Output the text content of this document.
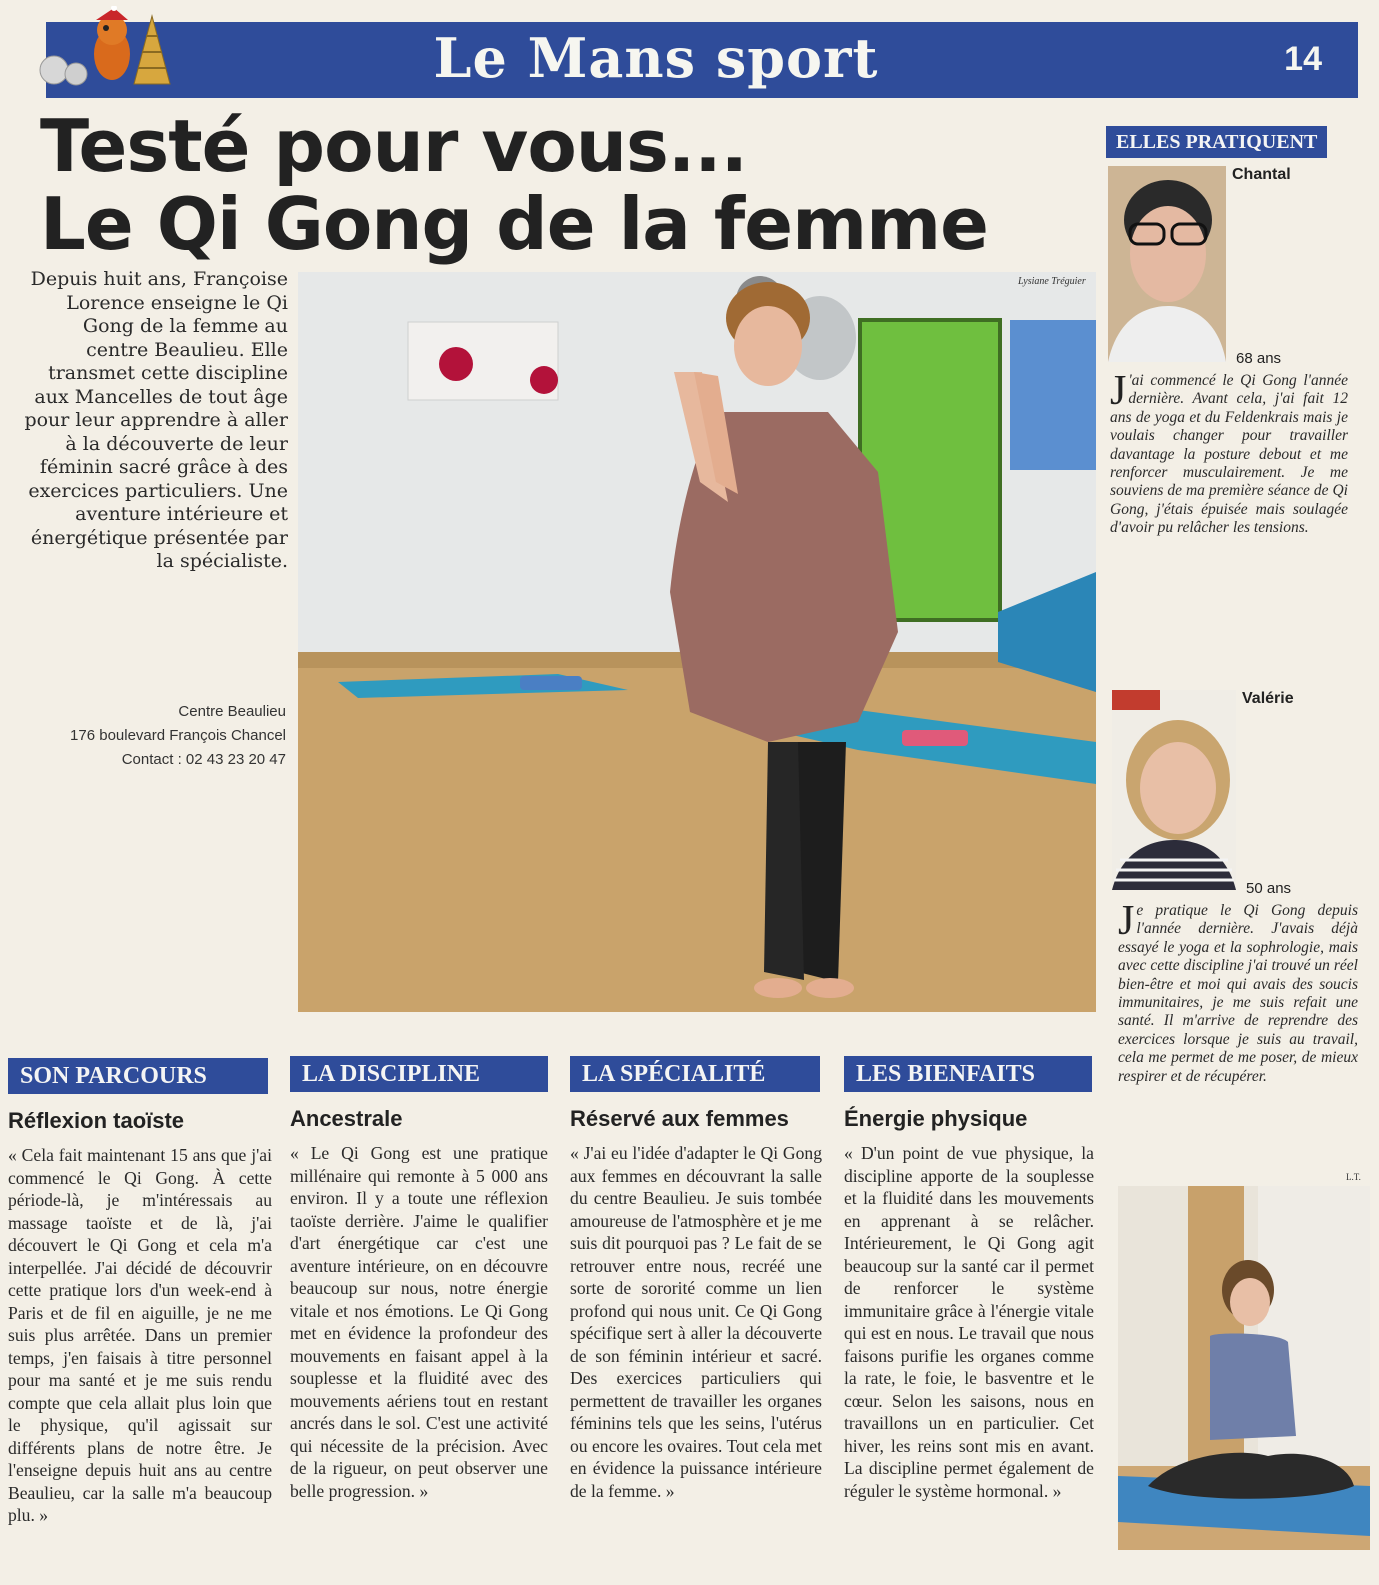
Le Mans sport	14
Testé pour vous...
Le Qi Gong de la femme
Depuis huit ans, Françoise Lorence enseigne le Qi Gong de la femme au centre Beaulieu. Elle transmet cette discipline aux Mancelles de tout âge pour leur apprendre à aller à la découverte de leur féminin sacré grâce à des exercices particuliers. Une aventure intérieure et énergétique présentée par la spécialiste.
Centre Beaulieu
176 boulevard François Chancel
Contact : 02 43 23 20 47
Lysiane Tréguier
ELLES PRATIQUENT
Chantal
68 ans
J 'ai commencé le Qi Gong l'année dernière. Avant cela, j'ai fait 12 ans de yoga et du Feldenkrais mais je voulais changer pour travailler davantage la posture debout et me renforcer musculairement. Je me souviens de ma première séance de Qi Gong, j'étais épuisée mais soulagée d'avoir pu relâcher les tensions.
Valérie
50 ans
Je pratique le Qi Gong depuis l'année dernière. J'avais déjà essayé le yoga et la sophrologie, mais avec cette discipline j'ai trouvé un réel bien-être et moi qui avais des soucis immunitaires, je me suis refait une santé. Il m'arrive de reprendre des exercices lorsque je suis au travail, cela me permet de me poser, de mieux respirer et de récupérer.
SON PARCOURS
Réflexion taoïste
« Cela fait maintenant 15 ans que j'ai commencé le Qi Gong. À cette période-là, je m'intéressais au massage taoïste et de là, j'ai découvert le Qi Gong et cela m'a interpellée. J'ai décidé de découvrir cette pratique lors d'un week-end à Paris et de fil en aiguille, je ne me suis plus arrêtée. Dans un premier temps, j'en faisais à titre personnel pour ma santé et je me suis rendu compte que cela allait plus loin que le physique, qu'il agissait sur différents plans de notre être. Je l'enseigne depuis huit ans au centre Beaulieu, car la salle m'a beaucoup plu. »
LA DISCIPLINE
Ancestrale
« Le Qi Gong est une pratique millénaire qui remonte à 5 000 ans environ. Il y a toute une réflexion taoïste derrière. J'aime le qualifier d'art énergétique car c'est une aventure intérieure, on en découvre beaucoup sur nous, notre énergie vitale et nos émotions. Le Qi Gong met en évidence la profondeur des mouvements en faisant appel à la souplesse et la fluidité avec des mouvements aériens tout en restant ancrés dans le sol. C'est une activité qui nécessite de la précision. Avec de la rigueur, on peut observer une belle progression. »
LA SPÉCIALITÉ
Réservé aux femmes
« J'ai eu l'idée d'adapter le Qi Gong aux femmes en découvrant la salle du centre Beaulieu. Je suis tombée amoureuse de l'atmosphère et je me suis dit pourquoi pas ? Le fait de se retrouver entre nous, recréé une sorte de sororité comme un lien profond qui nous unit. Ce Qi Gong spécifique sert à aller la découverte de son féminin intérieur et sacré. Des exercices particuliers qui permettent de travailler les organes féminins tels que les seins, l'utérus ou encore les ovaires. Tout cela met en évidence la puissance intérieure de la femme. »
LES BIENFAITS
Énergie physique
« D'un point de vue physique, la discipline apporte de la souplesse et la fluidité dans les mouvements en apprenant à se relâcher. Intérieurement, le Qi Gong agit beaucoup sur la santé car il permet de renforcer le système immunitaire grâce à l'énergie vitale qui est en nous. Le travail que nous faisons purifie les organes comme la rate, le foie, le basventre et le cœur. Selon les saisons, nous en travaillons un en particulier. Cet hiver, les reins sont mis en avant. La discipline permet également de réguler le système hormonal. »
L.T.
